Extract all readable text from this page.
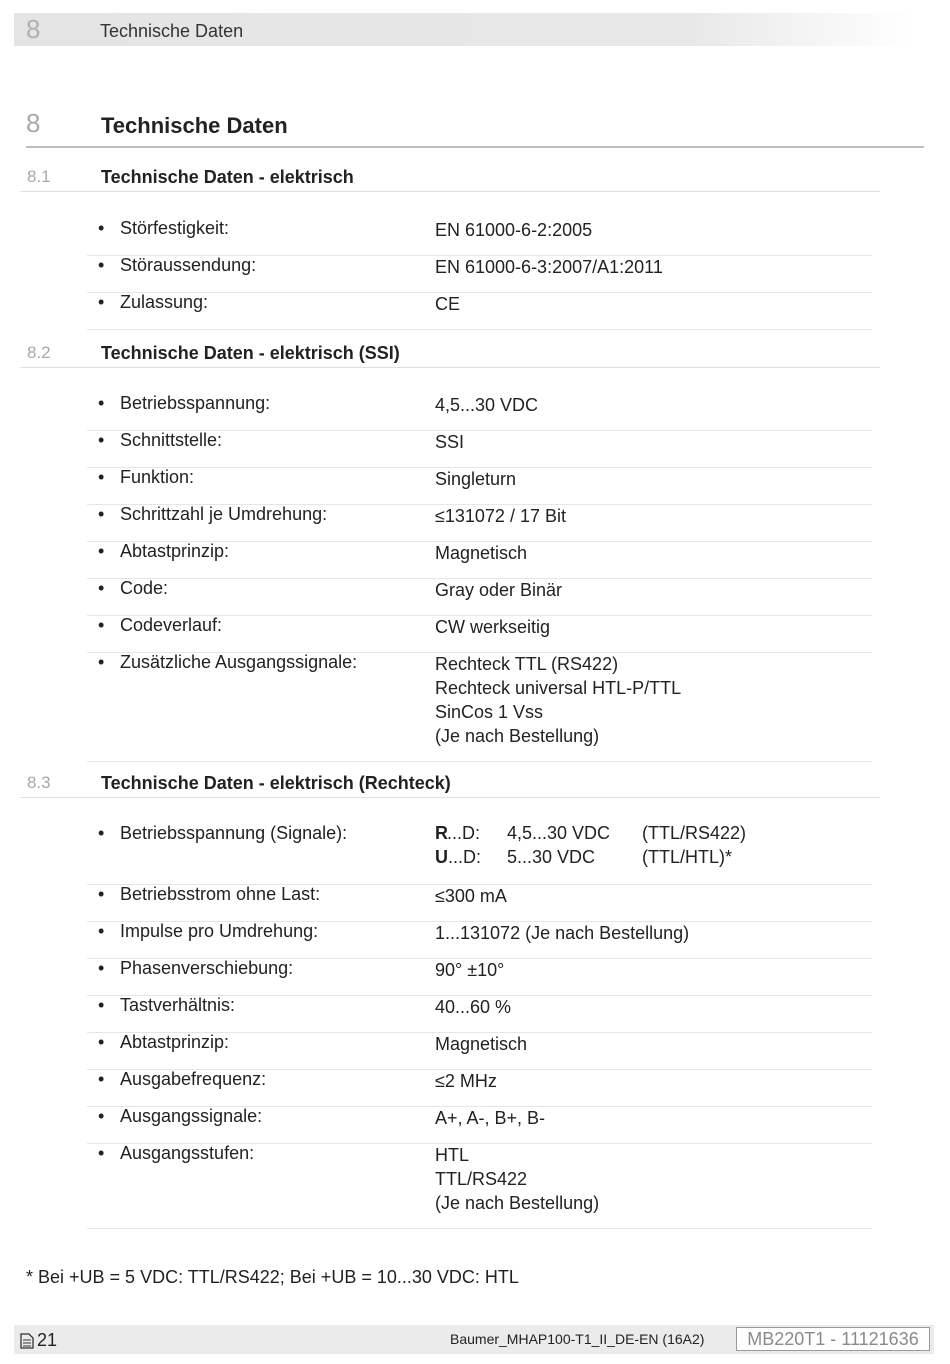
8	Technische Daten
8	Technische Daten
8.1	Technische Daten - elektrisch
• Störfestigkeit:	EN 61000-6-2:2005
• Störaussendung:	EN 61000-6-3:2007/A1:2011
• Zulassung:	CE
8.2	Technische Daten - elektrisch (SSI)
• Betriebsspannung:	4,5...30 VDC
• Schnittstelle:	SSI
• Funktion:	Singleturn
• Schrittzahl je Umdrehung:	≤131072 / 17 Bit
• Abtastprinzip:	Magnetisch
• Code:	Gray oder Binär
• Codeverlauf:	CW werkseitig
• Zusätzliche Ausgangssignale:	Rechteck TTL (RS422)
Rechteck universal HTL-P/TTL
SinCos 1 Vss
(Je nach Bestellung)
8.3	Technische Daten - elektrisch (Rechteck)
• Betriebsspannung (Signale):	R ...D: 4,5...30 VDC (TTL/RS422)
U ...D: 5...30 VDC	(TTL/HTL)*
• Betriebsstrom ohne Last:	≤300 mA
• Impulse pro Umdrehung:	1...131072 (Je nach Bestellung)
• Phasenverschiebung:	90° ±10°
• Tastverhältnis:	40...60 %
• Abtastprinzip:	Magnetisch
• Ausgabefrequenz:	≤2 MHz
• Ausgangssignale:	A+, A-, B+, B-
• Ausgangsstufen:	HTL
TTL/RS422
(Je nach Bestellung)
* Bei +UB = 5 VDC: TTL/RS422; Bei +UB = 10...30 VDC: HTL
21	Baumer_MHAP100-T1_II_DE-EN (16A2)	MB220T1 - 11121636
